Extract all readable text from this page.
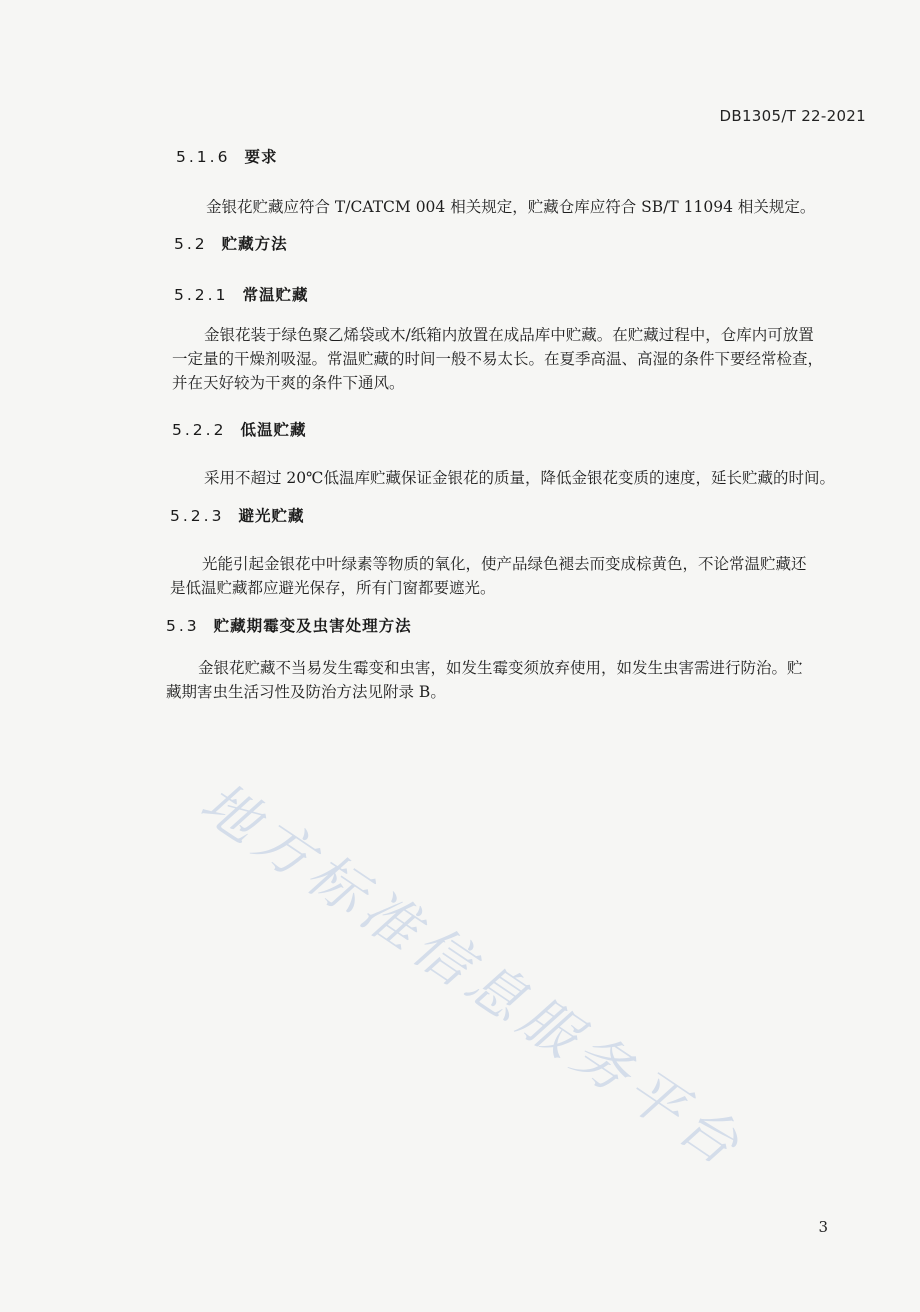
DB1305/T 22-2021
5.1.6 要求
金银花贮藏应符合 T/CATCM 004 相关规定，贮藏仓库应符合 SB/T 11094 相关规定。
5.2 贮藏方法
5.2.1 常温贮藏
金银花装于绿色聚乙烯袋或木/纸箱内放置在成品库中贮藏。在贮藏过程中，仓库内可放置
一定量的干燥剂吸湿。常温贮藏的时间一般不易太长。在夏季高温、高湿的条件下要经常检查，
并在天好较为干爽的条件下通风。
5.2.2 低温贮藏
采用不超过 20℃低温库贮藏保证金银花的质量，降低金银花变质的速度，延长贮藏的时间。
5.2.3 避光贮藏
光能引起金银花中叶绿素等物质的氧化，使产品绿色褪去而变成棕黄色，不论常温贮藏还
是低温贮藏都应避光保存，所有门窗都要遮光。
5.3 贮藏期霉变及虫害处理方法
金银花贮藏不当易发生霉变和虫害，如发生霉变须放弃使用，如发生虫害需进行防治。贮
藏期害虫生活习性及防治方法见附录 B。
地方标准信息服务平台
3
